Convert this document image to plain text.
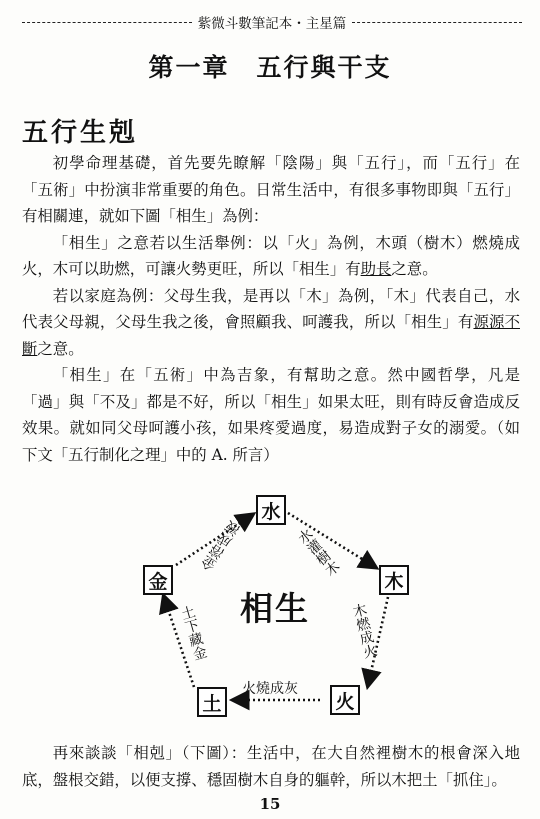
紫微斗數筆記本・主星篇
第一章　五行與干支
五行生剋

初學命理基礎，首先要先瞭解「陰陽」與「五行」，而「五行」在「五術」中扮演非常重要的角色。日常生活中，有很多事物即與「五行」有相關連，就如下圖「相生」為例：

「相生」之意若以生活舉例：以「火」為例，木頭（樹木）燃燒成火，木可以助燃，可讓火勢更旺，所以「相生」有助長之意。

若以家庭為例：父母生我，是再以「木」為例，「木」代表自己，水代表父母親，父母生我之後，會照顧我、呵護我，所以「相生」有源源不斷之意。

「相生」在「五術」中為吉象，有幫助之意。然中國哲學，凡是「過」與「不及」都是不好，所以「相生」如果太旺，則有時反會造成反效果。就如同父母呵護小孩，如果疼愛過度，易造成對子女的溺愛。（如下文「五行制化之理」中的 A. 所言）

水
木
火
土
金
相生
水灌樹木
木燃成火
火燒成灰
土下藏金
金溶成液

再來談談「相剋」（下圖）：生活中，在大自然裡樹木的根會深入地底，盤根交錯，以便支撐、穩固樹木自身的軀幹，所以木把土「抓住」。

15
